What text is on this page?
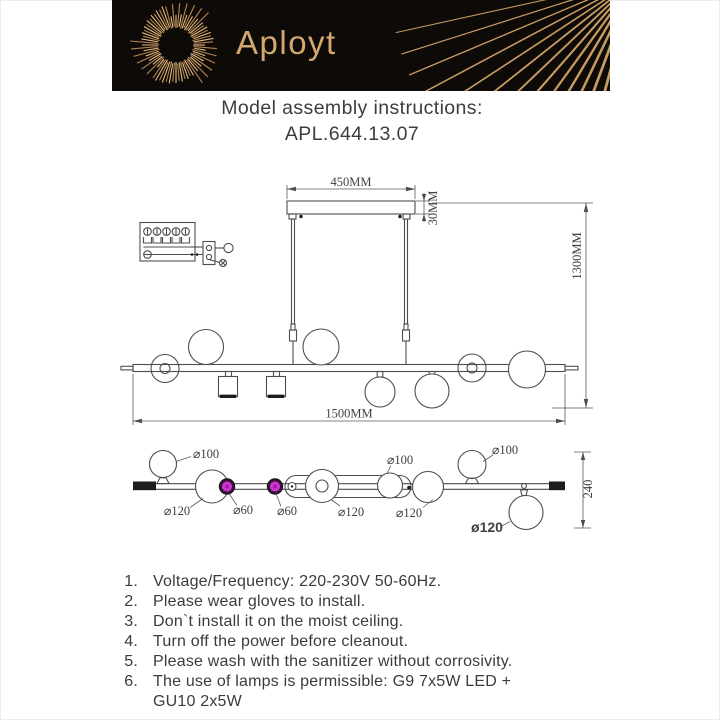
Aployt
Model assembly instructions:
APL.644.13.07
450MM
30MM
1300MM
1500MM
⌀100
⌀120	⌀60 ⌀60	⌀120
⌀100
⌀120
⌀100
ø120
240
1. Voltage/Frequency: 220-230V 50-60Hz.
2. Please wear gloves to install.
3. Don`t install it on the moist ceiling.
4. Turn off the power before cleanout.
5. Please wash with the sanitizer without corrosivity.
6. The use of lamps is permissible: G9 7x5W LED +
GU10 2x5W
